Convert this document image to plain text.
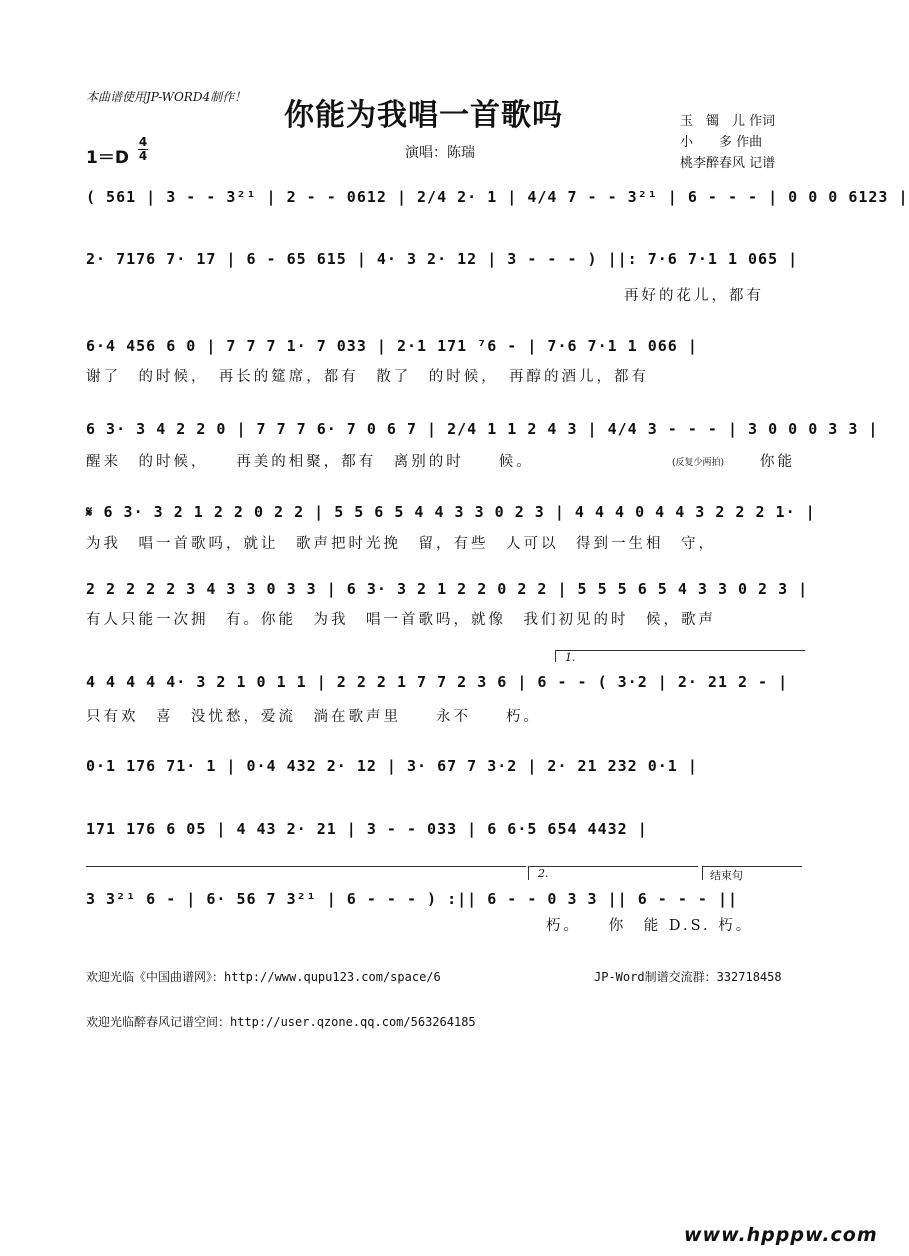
本曲谱使用JP-WORD4制作！
你能为我唱一首歌吗
1＝D
4
4	演唱：陈瑞
玉　镯　儿 作词
小　　多 作曲
桃李醉春风 记谱
( 561 | 3 - - 3²¹ | 2 - - 0612 | 2/4 2· 1 | 4/4 7 - - 3²¹ | 6 - - - | 0 0 0 6123 |
2· 7176 7· 17 | 6 - 65 615 | 4· 3 2· 12 | 3 - - - ) ||: 7·6 7·1 1 065 |
再好的花儿，都有
6·4 456 6 0 | 7 7 7 1· 7 033 | 2·1 171 ⁷6 - | 7·6 7·1 1 066 |
谢了　的时候，　再长的筵席，都有　散了　的时候，　再醇的酒儿，都有
6 3· 3 4 2 2 0 | 7 7 7 6· 7 0 6 7 | 2/4 1 1 2 4 3 | 4/4 3 - - - | 3 0 0 0 3 3 |
醒来　的时候，　　再美的相聚，都有　离别的时　　候。	(反复少两拍) 你能
𝄋 6 3· 3 2 1 2 2 0 2 2 | 5 5 6 5 4 4 3 3 0 2 3 | 4 4 4 0 4 4 3 2 2 2 1· |
为我　唱一首歌吗，就让　歌声把时光挽　留，有些　人可以　得到一生相　守，
2 2 2 2 2 3 4 3 3 0 3 3 | 6 3· 3 2 1 2 2 0 2 2 | 5 5 5 6 5 4 3 3 0 2 3 |
有人只能一次拥　有。你能　为我　唱一首歌吗，就像　我们初见的时　候，歌声
1.
4 4 4 4 4· 3 2 1 0 1 1 | 2 2 2 1 7 7 2 3 6 | 6 - - ( 3·2 | 2· 21 2 - |
只有欢　喜　没忧愁，爱流　淌在歌声里　　永不　　朽。
0·1 176 71· 1 | 0·4 432 2· 12 | 3· 67 7 3·2 | 2· 21 232 0·1 |
171 176 6 05 | 4 43 2· 21 | 3 - - 033 | 6 6·5 654 4432 |
2.	结束句
3 3²¹ 6 - | 6· 56 7 3²¹ | 6 - - - ) :|| 6 - - 0 3 3 || 6 - - - ||
朽。　　你　能 D.S. 朽。
欢迎光临《中国曲谱网》：http://www.qupu123.com/space/6	JP-Word制谱交流群：332718458
欢迎光临醉春风记谱空间：http://user.qzone.qq.com/563264185
www.hpppw.com
